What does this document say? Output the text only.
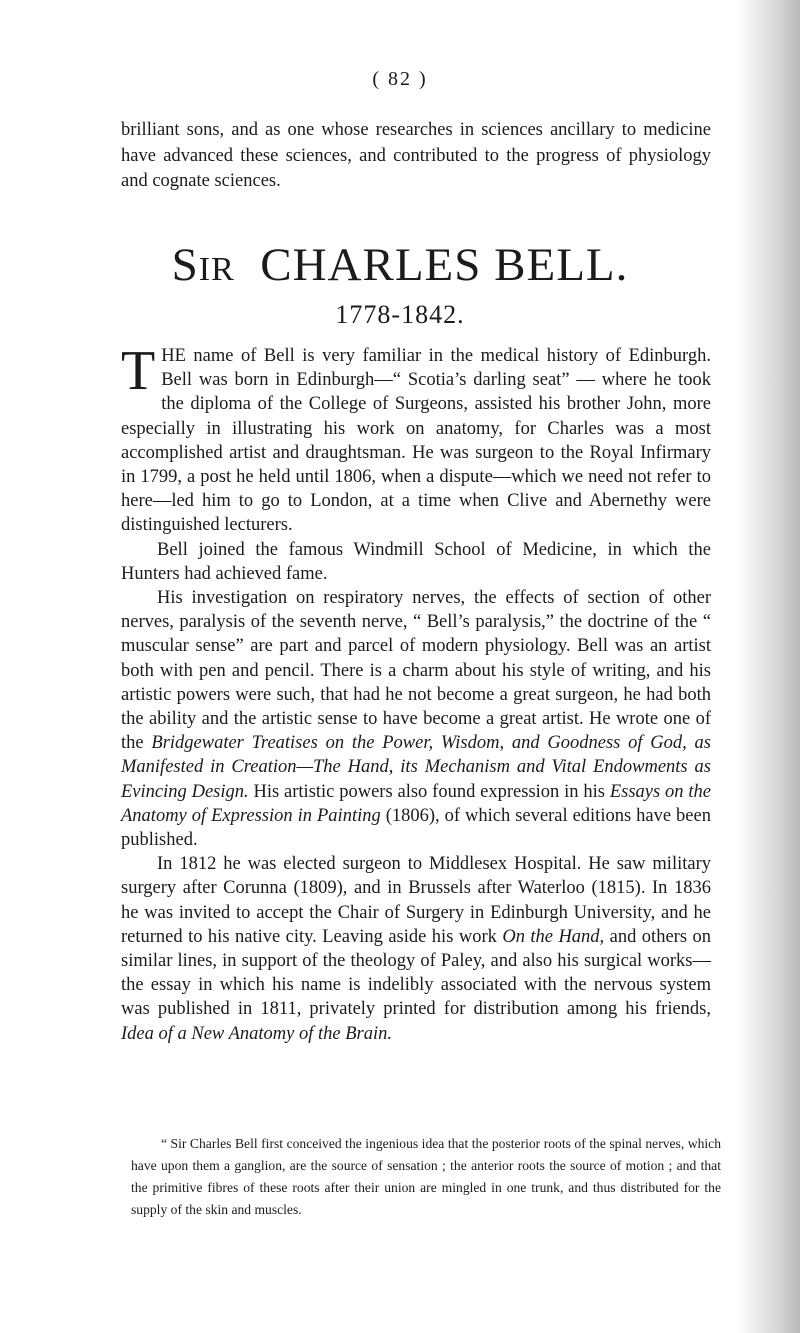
( 82 )

brilliant sons, and as one whose researches in sciences ancillary to medicine have advanced these sciences, and contributed to the progress of physiology and cognate sciences.

SIR CHARLES BELL.
1778-1842.

THE name of Bell is very familiar in the medical history of Edinburgh. Bell was born in Edinburgh—“ Scotia’s darling seat” — where he took the diploma of the College of Surgeons, assisted his brother John, more especially in illustrating his work on anatomy, for Charles was a most accomplished artist and draughtsman. He was surgeon to the Royal Infirmary in 1799, a post he held until 1806, when a dispute—which we need not refer to here—led him to go to London, at a time when Clive and Abernethy were distinguished lecturers.

Bell joined the famous Windmill School of Medicine, in which the Hunters had achieved fame.

His investigation on respiratory nerves, the effects of section of other nerves, paralysis of the seventh nerve, “ Bell’s paralysis,” the doctrine of the “ muscular sense” are part and parcel of modern physiology. Bell was an artist both with pen and pencil. There is a charm about his style of writing, and his artistic powers were such, that had he not become a great surgeon, he had both the ability and the artistic sense to have become a great artist. He wrote one of the Bridgewater Treatises on the Power, Wisdom, and Goodness of God, as Manifested in Creation—The Hand, its Mechanism and Vital Endowments as Evincing Design. His artistic powers also found expression in his Essays on the Anatomy of Expression in Painting (1806), of which several editions have been published.

In 1812 he was elected surgeon to Middlesex Hospital. He saw military surgery after Corunna (1809), and in Brussels after Waterloo (1815). In 1836 he was invited to accept the Chair of Surgery in Edinburgh University, and he returned to his native city. Leaving aside his work On the Hand, and others on similar lines, in support of the theology of Paley, and also his surgical works—the essay in which his name is indelibly associated with the nervous system was published in 1811, privately printed for distribution among his friends, Idea of a New Anatomy of the Brain.

“ Sir Charles Bell first conceived the ingenious idea that the posterior roots of the spinal nerves, which have upon them a ganglion, are the source of sensation ; the anterior roots the source of motion ; and that the primitive fibres of these roots after their union are mingled in one trunk, and thus distributed for the supply of the skin and muscles.
